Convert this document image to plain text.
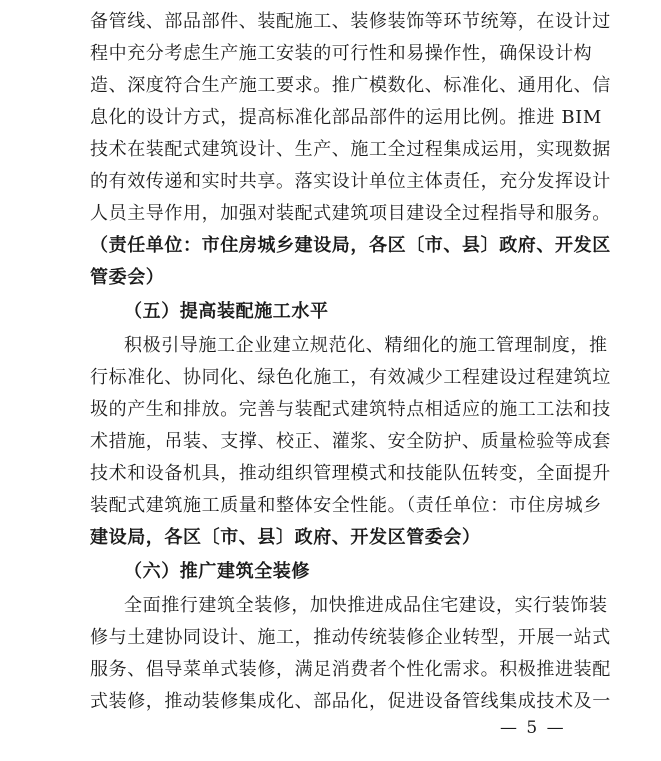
备管线、部品部件、装配施工、装修装饰等环节统筹，在设计过
程中充分考虑生产施工安装的可行性和易操作性，确保设计构
造、深度符合生产施工要求。推广模数化、标准化、通用化、信
息化的设计方式，提高标准化部品部件的运用比例。推进 BIM
技术在装配式建筑设计、生产、施工全过程集成运用，实现数据
的有效传递和实时共享。落实设计单位主体责任，充分发挥设计
人员主导作用，加强对装配式建筑项目建设全过程指导和服务。
（责任单位：市住房城乡建设局，各区〔市、县〕政府、开发区
管委会）
（五）提高装配施工水平
积极引导施工企业建立规范化、精细化的施工管理制度，推
行标准化、协同化、绿色化施工，有效减少工程建设过程建筑垃
圾的产生和排放。完善与装配式建筑特点相适应的施工工法和技
术措施，吊装、支撑、校正、灌浆、安全防护、质量检验等成套
技术和设备机具，推动组织管理模式和技能队伍转变，全面提升
装配式建筑施工质量和整体安全性能。（责任单位：市住房城乡
建设局，各区〔市、县〕政府、开发区管委会）
（六）推广建筑全装修
全面推行建筑全装修，加快推进成品住宅建设，实行装饰装
修与土建协同设计、施工，推动传统装修企业转型，开展一站式
服务、倡导菜单式装修，满足消费者个性化需求。积极推进装配
式装修，推动装修集成化、部品化，促进设备管线集成技术及一
— 5 —
